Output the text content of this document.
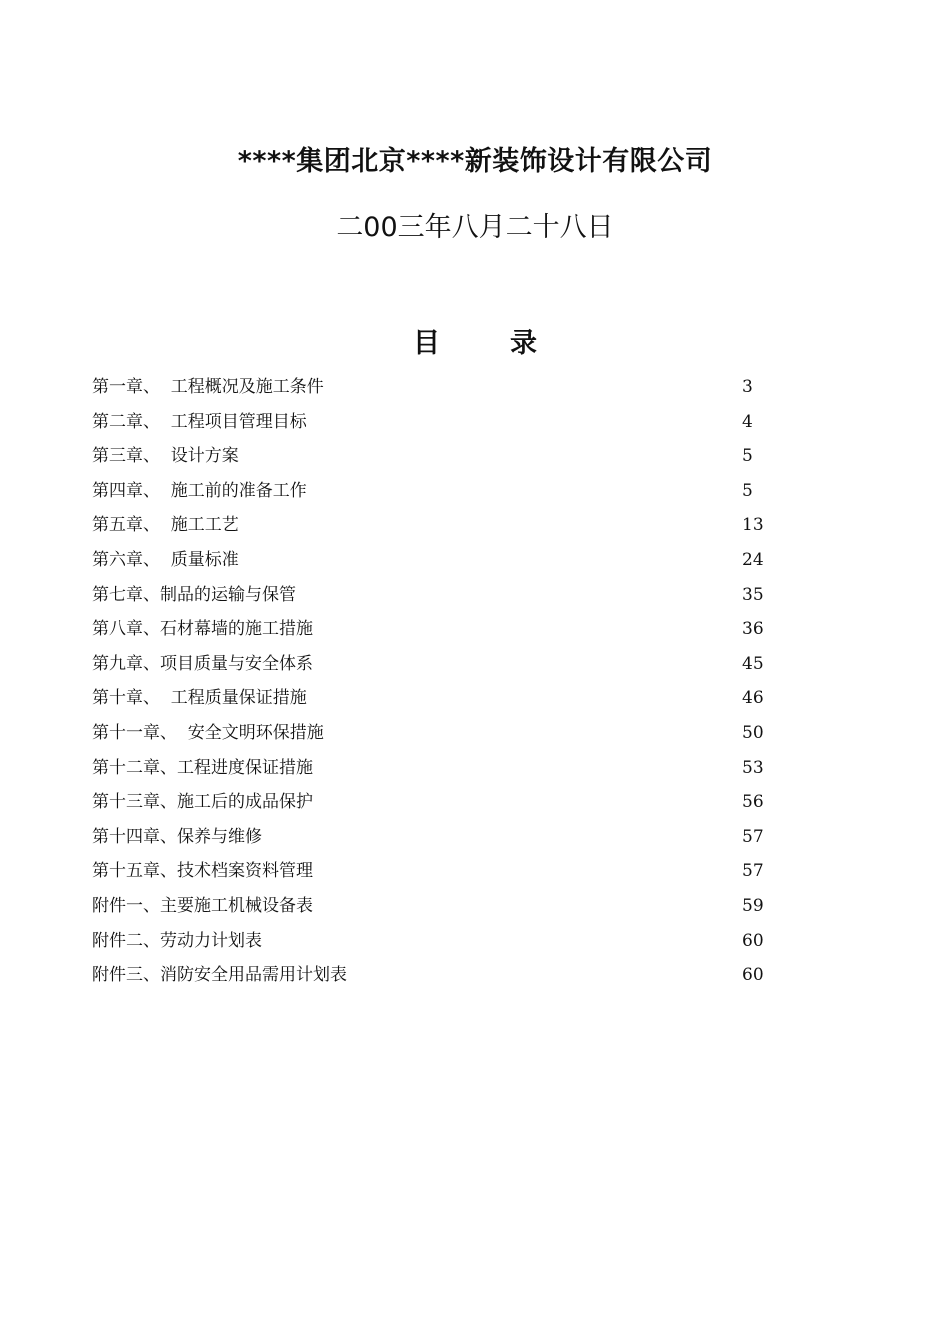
****集团北京****新装饰设计有限公司
二00三年八月二十八日
目录
第一章、  工程概况及施工条件	3
第二章、  工程项目管理目标	4
第三章、  设计方案	5
第四章、  施工前的准备工作	5
第五章、  施工工艺	13
第六章、  质量标准	24
第七章、制品的运输与保管	35
第八章、石材幕墙的施工措施	36
第九章、项目质量与安全体系	45
第十章、  工程质量保证措施	46
第十一章、  安全文明环保措施	50
第十二章、工程进度保证措施	53
第十三章、施工后的成品保护	56
第十四章、保养与维修	57
第十五章、技术档案资料管理	57
附件一、主要施工机械设备表	59
附件二、劳动力计划表	60
附件三、消防安全用品需用计划表	60
